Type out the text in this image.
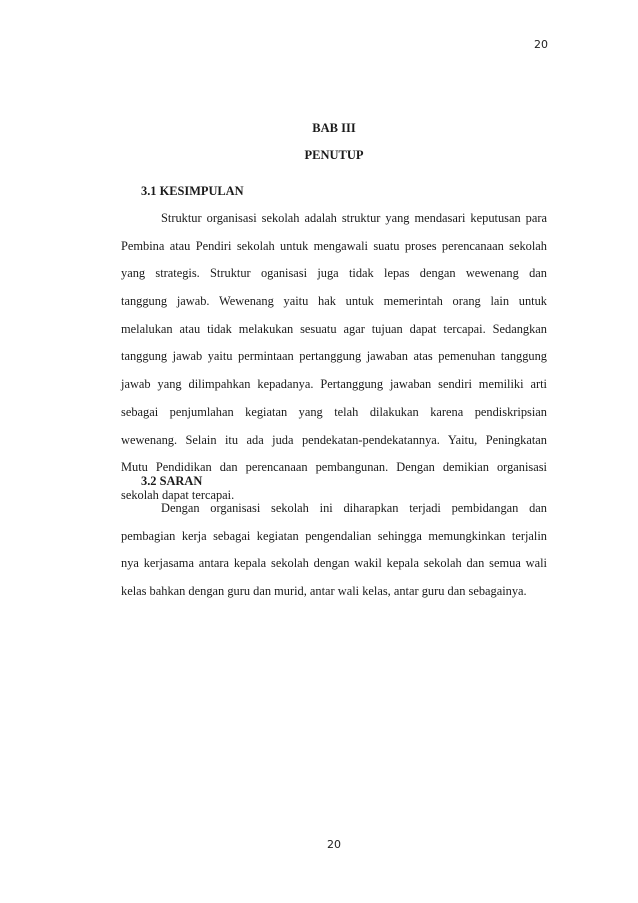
20
BAB III
PENUTUP

3.1 KESIMPULAN

Struktur organisasi sekolah adalah struktur yang mendasari keputusan para
Pembina atau Pendiri sekolah untuk mengawali suatu proses perencanaan sekolah
yang strategis. Struktur oganisasi juga tidak lepas dengan wewenang dan
tanggung jawab. Wewenang yaitu hak untuk memerintah orang lain untuk
melalukan atau tidak melakukan sesuatu agar tujuan dapat tercapai. Sedangkan
tanggung jawab yaitu permintaan pertanggung jawaban atas pemenuhan tanggung
jawab yang dilimpahkan kepadanya. Pertanggung jawaban sendiri memiliki arti
sebagai penjumlahan kegiatan yang telah dilakukan karena pendiskripsian
wewenang. Selain itu ada juda pendekatan-pendekatannya. Yaitu, Peningkatan
Mutu Pendidikan dan perencanaan pembangunan. Dengan demikian organisasi
sekolah dapat tercapai.

3.2 SARAN

Dengan organisasi sekolah ini diharapkan terjadi pembidangan dan
pembagian kerja sebagai kegiatan pengendalian sehingga memungkinkan terjalin
nya kerjasama antara kepala sekolah dengan wakil kepala sekolah dan semua wali
kelas bahkan dengan guru dan murid, antar wali kelas, antar guru dan sebagainya.
20
